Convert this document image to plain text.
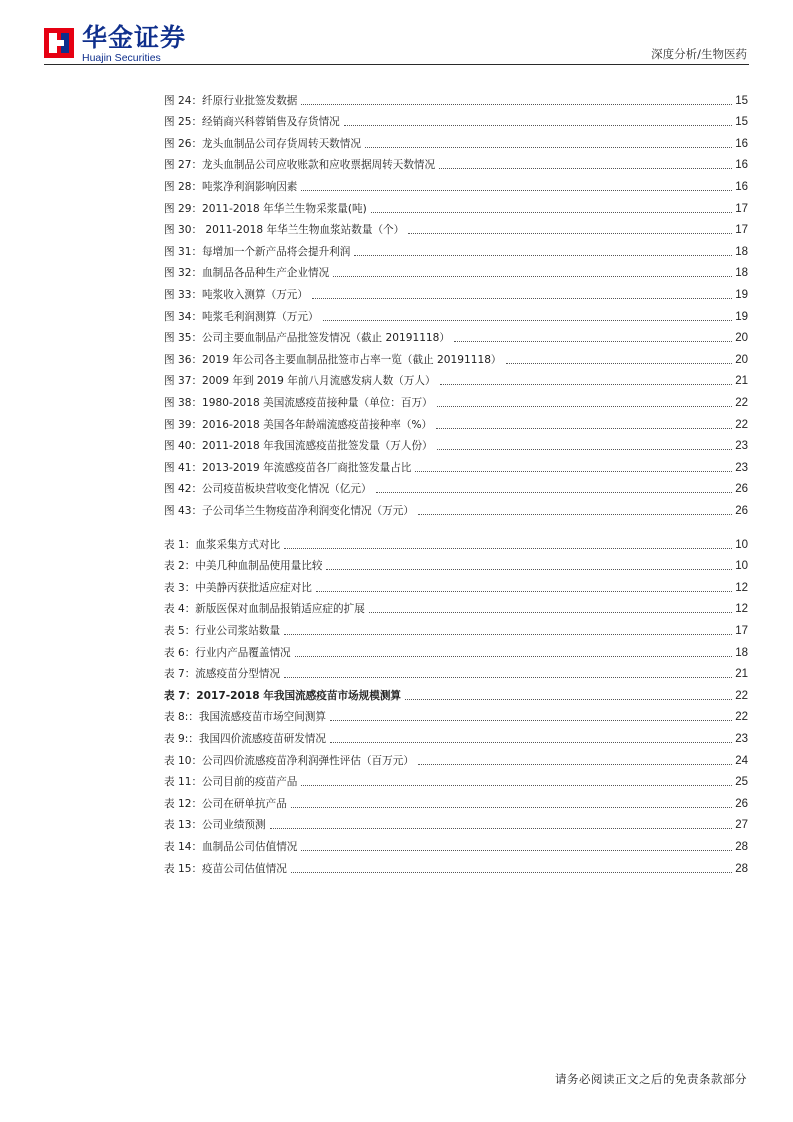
华金证券
Huajin Securities	深度分析/生物医药
图 24：纤原行业批签发数据	15
图 25：经销商兴科蓉销售及存货情况	15
图 26：龙头血制品公司存货周转天数情况	16
图 27：龙头血制品公司应收账款和应收票据周转天数情况	16
图 28：吨浆净利润影响因素	16
图 29：2011-2018 年华兰生物采浆量(吨)	17
图 30： 2011-2018 年华兰生物血浆站数量（个）	17
图 31：每增加一个新产品将会提升利润	18
图 32：血制品各品种生产企业情况	18
图 33：吨浆收入测算（万元）	19
图 34：吨浆毛利润测算（万元）	19
图 35：公司主要血制品产品批签发情况（截止 20191118）	20
图 36：2019 年公司各主要血制品批签市占率一览（截止 20191118）	20
图 37：2009 年到 2019 年前八月流感发病人数（万人）	21
图 38：1980-2018 美国流感疫苗接种量（单位：百万）	22
图 39：2016-2018 美国各年龄端流感疫苗接种率（%）	22
图 40：2011-2018 年我国流感疫苗批签发量（万人份）	23
图 41：2013-2019 年流感疫苗各厂商批签发量占比	23
图 42：公司疫苗板块营收变化情况（亿元）	26
图 43：子公司华兰生物疫苗净利润变化情况（万元）	26
表 1：血浆采集方式对比	10
表 2：中美几种血制品使用量比较	10
表 3：中美静丙获批适应症对比	12
表 4：新版医保对血制品报销适应症的扩展	12
表 5：行业公司浆站数量	17
表 6：行业内产品覆盖情况	18
表 7：流感疫苗分型情况	21
表 7：2017-2018 年我国流感疫苗市场规模测算	22
表 8:：我国流感疫苗市场空间测算	22
表 9:：我国四价流感疫苗研发情况	23
表 10：公司四价流感疫苗净利润弹性评估（百万元）	24
表 11：公司目前的疫苗产品	25
表 12：公司在研单抗产品	26
表 13：公司业绩预测	27
表 14：血制品公司估值情况	28
表 15：疫苗公司估值情况	28
请务必阅读正文之后的免责条款部分
